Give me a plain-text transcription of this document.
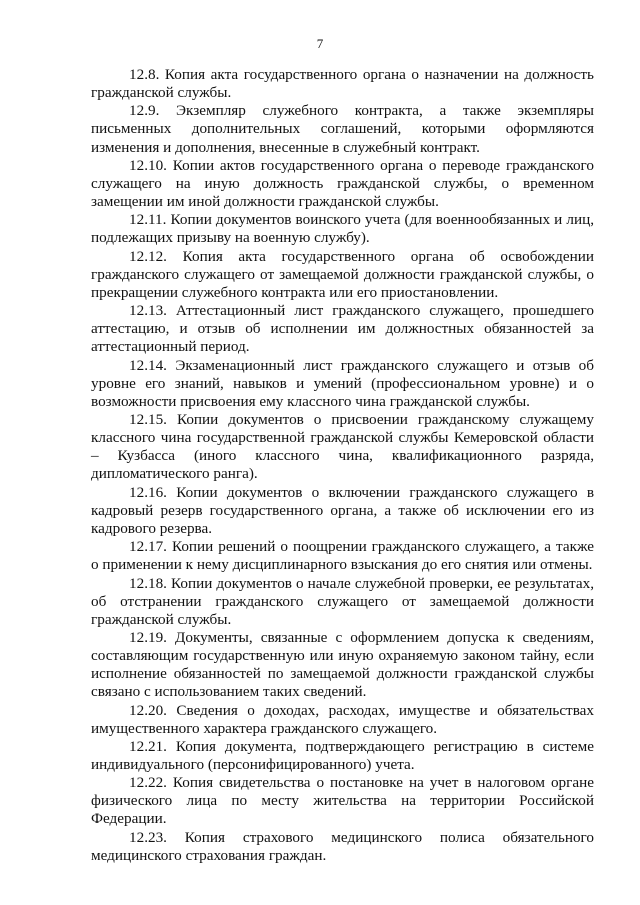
7

12.8. Копия акта государственного органа о назначении на должность гражданской службы.

12.9. Экземпляр служебного контракта, а также экземпляры письменных дополнительных соглашений, которыми оформляются изменения и дополнения, внесенные в служебный контракт.

12.10. Копии актов государственного органа о переводе гражданского служащего на иную должность гражданской службы, о временном замещении им иной должности гражданской службы.

12.11. Копии документов воинского учета (для военнообязанных и лиц, подлежащих призыву на военную службу).

12.12. Копия акта государственного органа об освобождении гражданского служащего от замещаемой должности гражданской службы, о прекращении служебного контракта или его приостановлении.

12.13. Аттестационный лист гражданского служащего, прошедшего аттестацию, и отзыв об исполнении им должностных обязанностей за аттестационный период.

12.14. Экзаменационный лист гражданского служащего и отзыв об уровне его знаний, навыков и умений (профессиональном уровне) и о возможности присвоения ему классного чина гражданской службы.

12.15. Копии документов о присвоении гражданскому служащему классного чина государственной гражданской службы Кемеровской области – Кузбасса (иного классного чина, квалификационного разряда, дипломатического ранга).

12.16. Копии документов о включении гражданского служащего в кадровый резерв государственного органа, а также об исключении его из кадрового резерва.

12.17. Копии решений о поощрении гражданского служащего, а также о применении к нему дисциплинарного взыскания до его снятия или отмены.

12.18. Копии документов о начале служебной проверки, ее результатах, об отстранении гражданского служащего от замещаемой должности гражданской службы.

12.19. Документы, связанные с оформлением допуска к сведениям, составляющим государственную или иную охраняемую законом тайну, если исполнение обязанностей по замещаемой должности гражданской службы связано с использованием таких сведений.

12.20. Сведения о доходах, расходах, имуществе и обязательствах имущественного характера гражданского служащего.

12.21. Копия документа, подтверждающего регистрацию в системе индивидуального (персонифицированного) учета.

12.22. Копия свидетельства о постановке на учет в налоговом органе физического лица по месту жительства на территории Российской Федерации.

12.23. Копия страхового медицинского полиса обязательного медицинского страхования граждан.
